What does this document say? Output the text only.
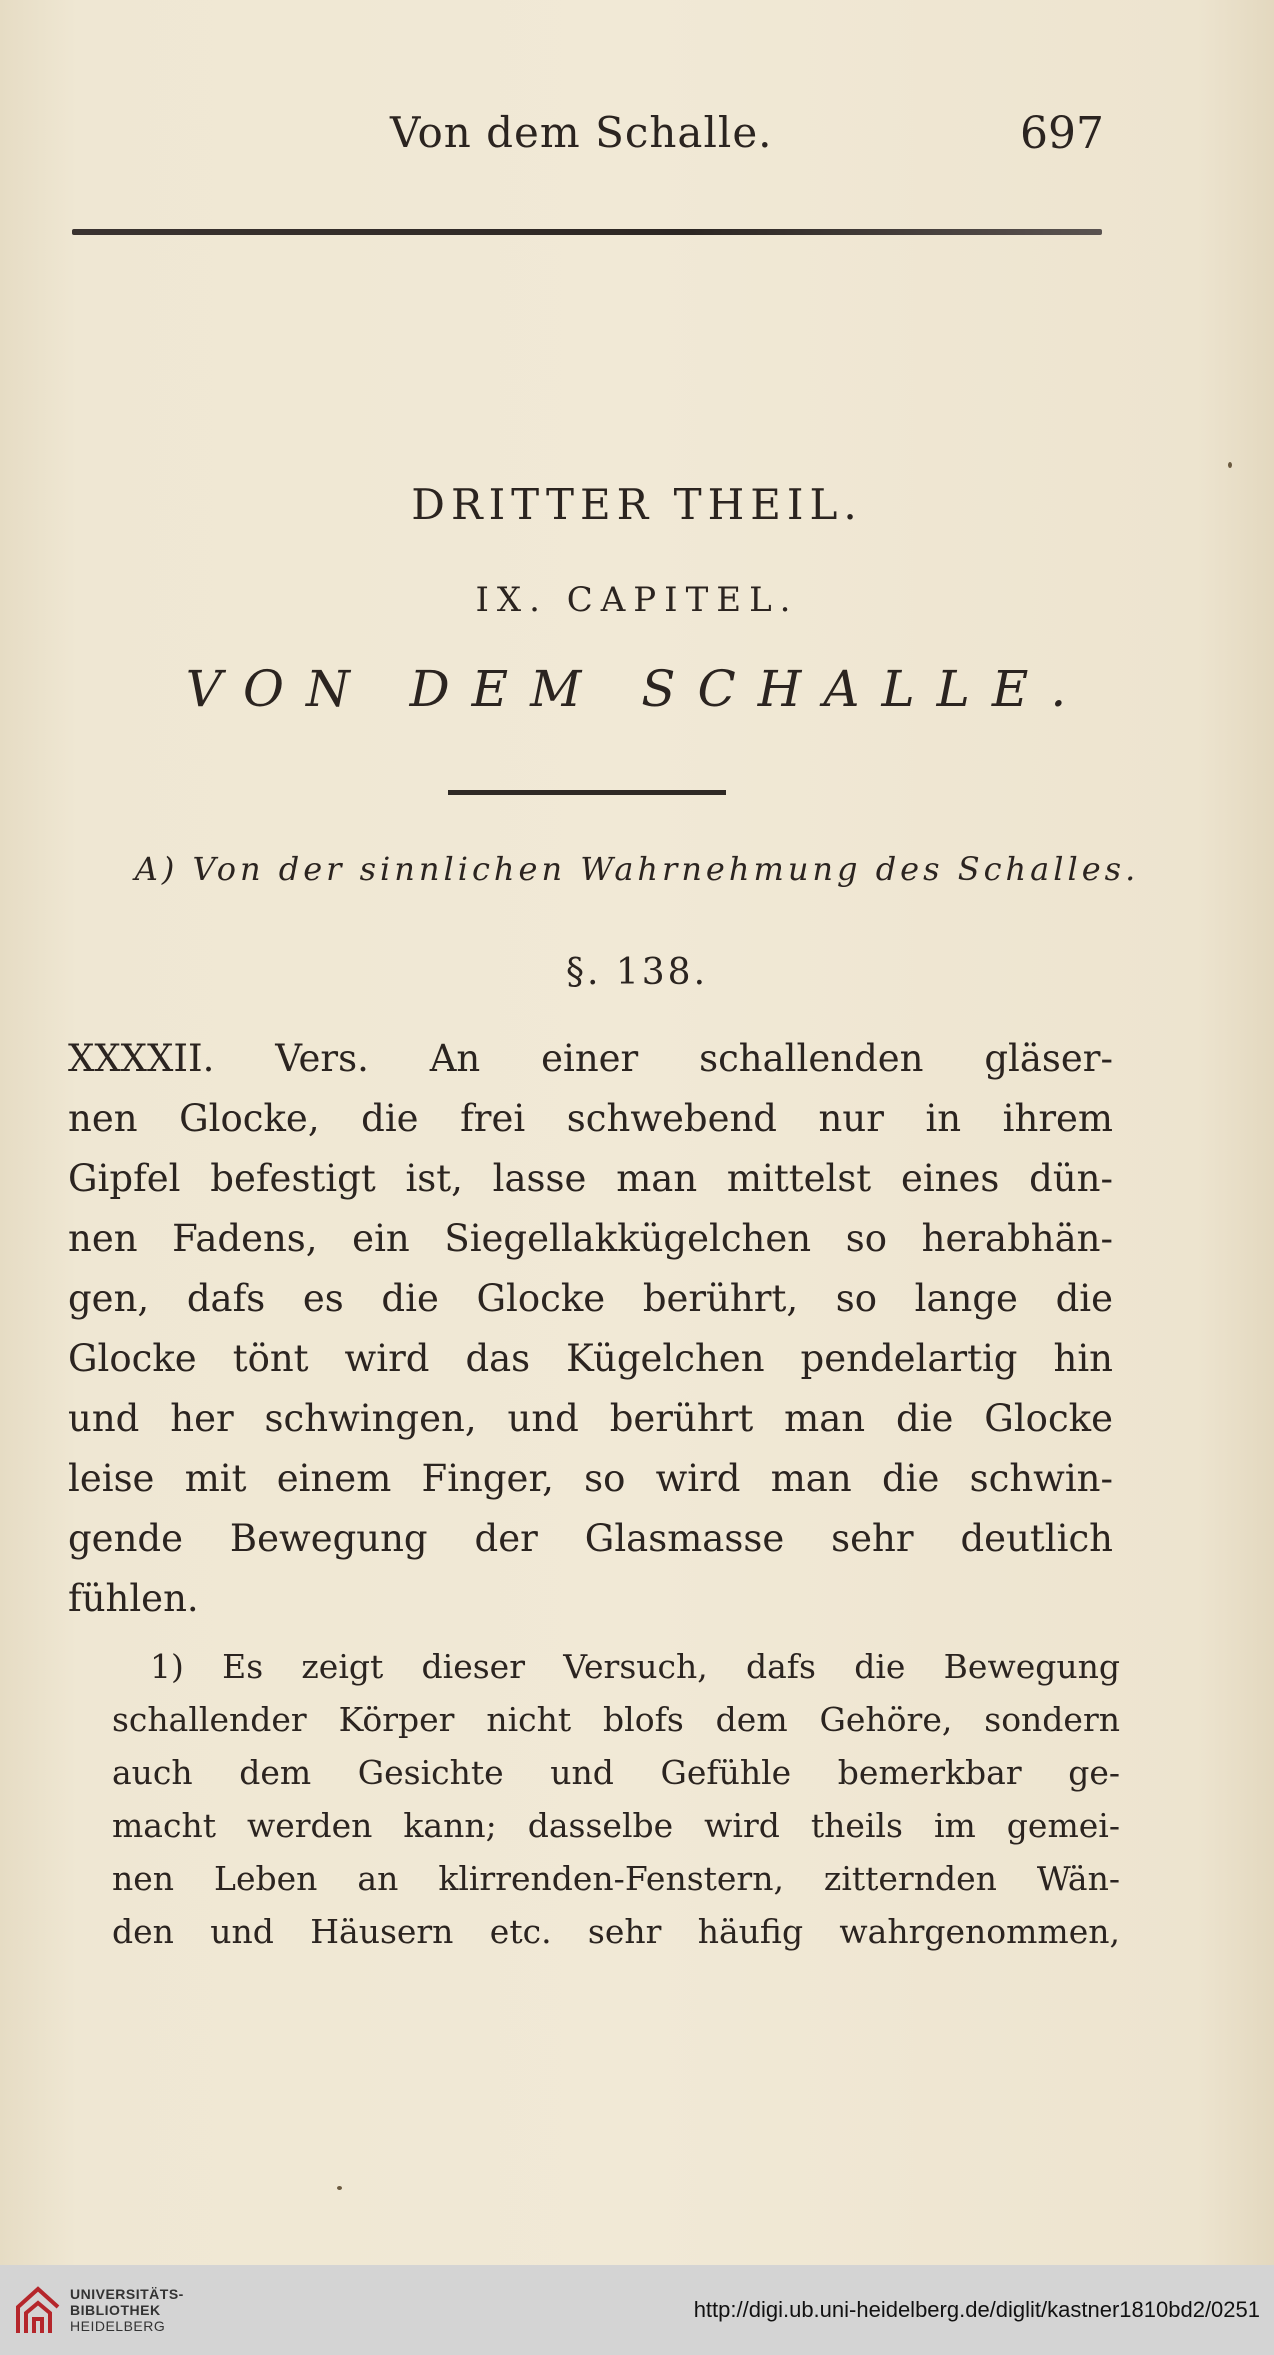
Von dem Schalle.	697
DRITTER THEIL.
IX. CAPITEL.
VON DEM SCHALLE.
A) Von der sinnlichen Wahrnehmung des Schalles.
§. 138.
XXXXII. Vers. An einer schallenden gläser-
nen Glocke, die frei schwebend nur in ihrem
Gipfel befestigt ist, lasse man mittelst eines dün-
nen Fadens, ein Siegellakkügelchen so herabhän-
gen, dafs es die Glocke berührt, so lange die
Glocke tönt wird das Kügelchen pendelartig hin
und her schwingen, und berührt man die Glocke
leise mit einem Finger, so wird man die schwin-
gende Bewegung der Glasmasse sehr deutlich
fühlen.
1) Es zeigt dieser Versuch, dafs die Bewegung
schallender Körper nicht blofs dem Gehöre, sondern
auch dem Gesichte und Gefühle bemerkbar ge-
macht werden kann; dasselbe wird theils im gemei-
nen Leben an klirrenden-Fenstern, zitternden Wän-
den und Häusern etc. sehr häufig wahrgenommen,
UNIVERSITÄTS-
BIBLIOTHEK
HEIDELBERG
http://digi.ub.uni-heidelberg.de/diglit/kastner1810bd2/0251
